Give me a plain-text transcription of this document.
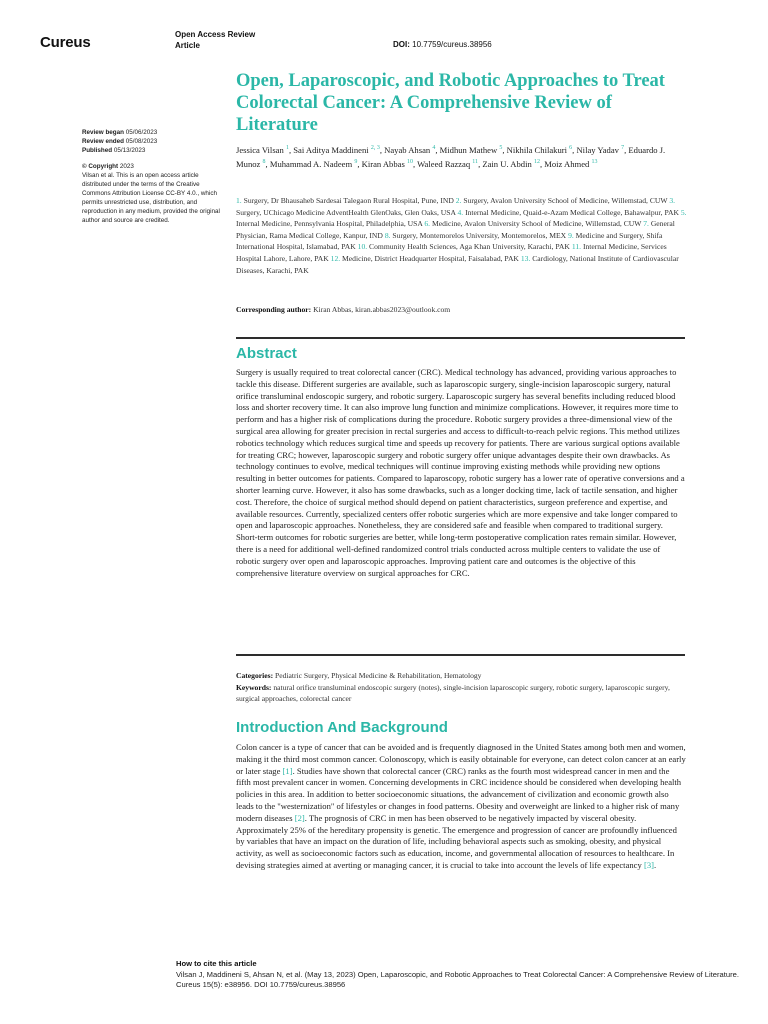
Cureus	Open Access Review
Article	DOI: 10.7759/cureus.38956
Review began 05/06/2023
Review ended 05/08/2023
Published 05/13/2023
© Copyright 2023
Vilsan et al. This is an open access article distributed under the terms of the Creative Commons Attribution License CC-BY 4.0., which permits unrestricted use, distribution, and reproduction in any medium, provided the original author and source are credited.
Open, Laparoscopic, and Robotic Approaches to Treat Colorectal Cancer: A Comprehensive Review of Literature
Jessica Vilsan $^1$, Sai Aditya Maddineni $^{2, 3}$, Nayab Ahsan $^4$, Midhun Mathew $^5$, Nikhila Chilakuri $^6$, Nilay Yadav $^7$, Eduardo J. Munoz $^8$, Muhammad A. Nadeem $^9$, Kiran Abbas $^{10}$, Waleed Razzaq $^{11}$, Zain U. Abdin $^{12}$, Moiz Ahmed $^{13}$
1. Surgery, Dr Bhausaheb Sardesai Talegaon Rural Hospital, Pune, IND 2. Surgery, Avalon University School of Medicine, Willemstad, CUW 3. Surgery, UChicago Medicine AdventHealth GlenOaks, Glen Oaks, USA 4. Internal Medicine, Quaid-e-Azam Medical College, Bahawalpur, PAK 5. Internal Medicine, Pennsylvania Hospital, Philadelphia, USA 6. Medicine, Avalon University School of Medicine, Willemstad, CUW 7. General Physician, Rama Medical College, Kanpur, IND 8. Surgery, Montemorelos University, Montemorelos, MEX 9. Medicine and Surgery, Shifa International Hospital, Islamabad, PAK 10. Community Health Sciences, Aga Khan University, Karachi, PAK 11. Internal Medicine, Services Hospital Lahore, Lahore, PAK 12. Medicine, District Headquarter Hospital, Faisalabad, PAK 13. Cardiology, National Institute of Cardiovascular Diseases, Karachi, PAK
Corresponding author: Kiran Abbas, kiran.abbas2023@outlook.com
Abstract

Surgery is usually required to treat colorectal cancer (CRC). Medical technology has advanced, providing various approaches to tackle this disease. Different surgeries are available, such as laparoscopic surgery, single-incision laparoscopic surgery, natural orifice transluminal endoscopic surgery, and robotic surgery. Laparoscopic surgery has several benefits including reduced blood loss and shorter recovery time. It can also improve lung function and minimize complications. However, it requires more time to perform and has a higher risk of complications during the procedure. Robotic surgery provides a three-dimensional view of the surgical area allowing for greater precision in rectal surgeries and access to difficult-to-reach pelvic regions. This method utilizes robotics technology which reduces surgical time and speeds up recovery for patients. There are various surgical options available for treating CRC; however, laparoscopic surgery and robotic surgery offer unique advantages despite their own drawbacks. As technology continues to evolve, medical techniques will continue improving existing methods while providing new options resulting in better outcomes for patients. Compared to laparoscopy, robotic surgery has a lower rate of operative conversions and a shorter learning curve. However, it also has some drawbacks, such as a longer docking time, lack of tactile sensation, and higher cost. Therefore, the choice of surgical method should depend on patient characteristics, surgeon preference and expertise, and available resources. Currently, specialized centers offer robotic surgeries which are more expensive and take longer compared to open and laparoscopic approaches. Nonetheless, they are considered safe and feasible when compared to traditional surgery. Short-term outcomes for robotic surgeries are better, while long-term postoperative complication rates remain similar. However, there is a need for additional well-defined randomized control trials conducted across multiple centers to validate the use of robotic surgery over open and laparoscopic approaches. Improving patient care and outcomes is the objective of this comprehensive literature overview on surgical approaches for CRC.

Categories: Pediatric Surgery, Physical Medicine & Rehabilitation, Hematology
Keywords: natural orifice transluminal endoscopic surgery (notes), single-incision laparoscopic surgery, robotic surgery, laparoscopic surgery, surgical approaches, colorectal cancer
Introduction And Background

Colon cancer is a type of cancer that can be avoided and is frequently diagnosed in the United States among both men and women, making it the third most common cancer. Colonoscopy, which is easily obtainable for everyone, can detect colon cancer at an early or later stage [1]. Studies have shown that colorectal cancer (CRC) ranks as the fourth most widespread cancer in men and the fifth most prevalent cancer in women. Concerning developments in CRC incidence should be considered when developing health policies in this area. In addition to better socioeconomic situations, the advancement of civilization and economic growth also leads to the "westernization" of lifestyles or changes in food patterns. Obesity and overweight are linked to a higher risk of many modern diseases [2]. The prognosis of CRC in men has been observed to be negatively impacted by visceral obesity. Approximately 25% of the hereditary propensity is genetic. The emergence and progression of cancer are profoundly influenced by variables that have an impact on the duration of life, including behavioral aspects such as smoking, obesity, and physical activity, as well as socioeconomic factors such as education, income, and governmental allocation of resources to healthcare. In devising strategies aimed at averting or managing cancer, it is crucial to take into account the levels of life expectancy [3].

How to cite this article
Vilsan J, Maddineni S, Ahsan N, et al. (May 13, 2023) Open, Laparoscopic, and Robotic Approaches to Treat Colorectal Cancer: A Comprehensive Review of Literature. Cureus 15(5): e38956. DOI 10.7759/cureus.38956
